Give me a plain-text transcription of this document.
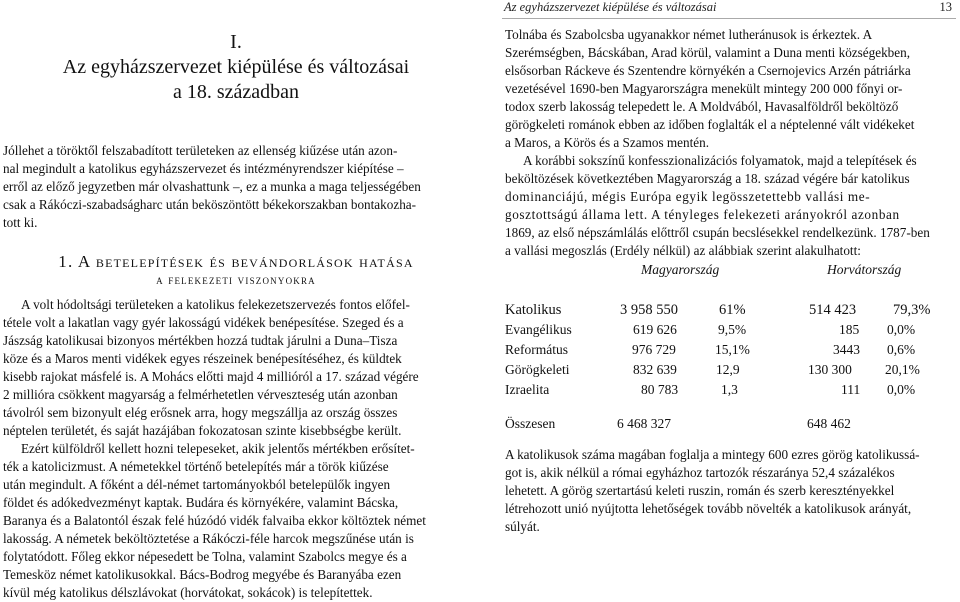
I.
Az egyházszervezet kiépülése és változásai
a 18. században

Jóllehet a töröktől felszabadított területeken az ellenség kiűzése után azon-

nal megindult a katolikus egyházszervezet és intézményrendszer kiépítése –

erről az előző jegyzetben már olvashattunk –, ez a munka a maga teljességében

csak a Rákóczi-szabadságharc után beköszöntött békekorszakban bontakozha-

tott ki.

1. A betelepítések és bevándorlások hatása
a felekezeti viszonyokra

A volt hódoltsági területeken a katolikus felekezetszervezés fontos előfel-

tétele volt a lakatlan vagy gyér lakosságú vidékek benépesítése. Szeged és a

Jászság katolikusai bizonyos mértékben hozzá tudtak járulni a Duna–Tisza

köze és a Maros menti vidékek egyes részeinek benépesítéséhez, és küldtek

kisebb rajokat másfelé is. A Mohács előtti majd 4 millióról a 17. század végére

2 millióra csökkent magyarság a felmérhetetlen vérveszteség után azonban

távolról sem bizonyult elég erősnek arra, hogy megszállja az ország összes

néptelen területét, és saját hazájában fokozatosan szinte kisebbségbe került.

Ezért külföldről kellett hozni telepeseket, akik jelentős mértékben erősítet-

ték a katolicizmust. A németekkel történő betelepítés már a török kiűzése

után megindult. A főként a dél-német tartományokból betelepülők ingyen

földet és adókedvezményt kaptak. Budára és környékére, valamint Bácska,

Baranya és a Balatontól észak felé húzódó vidék falvaiba ekkor költöztek német

lakosság. A németek beköltöztetése a Rákóczi-féle harcok megszűnése után is

folytatódott. Főleg ekkor népesedett be Tolna, valamint Szabolcs megye és a

Temesköz német katolikusokkal. Bács-Bodrog megyébe és Baranyába ezen

kívül még katolikus délszlávokat (horvátokat, sokácok) is telepítettek.

Az egyházszervezet kiépülése és változásai	13

Tolnába és Szabolcsba ugyanakkor német lutheránusok is érkeztek. A

Szerémségben, Bácskában, Arad körül, valamint a Duna menti községekben,

elsősorban Ráckeve és Szentendre környékén a Csernojevics Arzén pátriárka

vezetésével 1690-ben Magyarországra menekült mintegy 200 000 főnyi or-

todox szerb lakosság telepedett le. A Moldvából, Havasalföldről beköltöző

görögkeleti románok ebben az időben foglalták el a néptelenné vált vidékeket

a Maros, a Körös és a Szamos mentén.

A korábbi sokszínű konfesszionalizációs folyamatok, majd a telepítések és

beköltözések következtében Magyarország a 18. század végére bár katolikus

dominanciájú, mégis Európa egyik legösszetettebb vallási me-

gosztottságú állama lett. A tényleges felekezeti arányokról azonban

1869, az első népszámlálás előttről csupán becslésekkel rendelkezünk. 1787-ben

a vallási megoszlás (Erdély nélkül) az alábbiak szerint alakulhatott:

Magyarország	Horvátország
Katolikus	3 958 550	61%	514 423	79,3%
Evangélikus	619 626	9,5%	185 0,0%
Református	976 729	15,1%	3443 0,6%
Görögkeleti	832 639	12,9	130 300 20,1%
Izraelita	80 783	1,3	111 0,0%
Összesen	6 468 327	648 462

A katolikusok száma magában foglalja a mintegy 600 ezres görög katolikussá-

got is, akik nélkül a római egyházhoz tartozók részaránya 52,4 százalékos

lehetett. A görög szertartású keleti ruszin, román és szerb keresztényekkel

létrehozott unió nyújtotta lehetőségek tovább növelték a katolikusok arányát,

súlyát.
